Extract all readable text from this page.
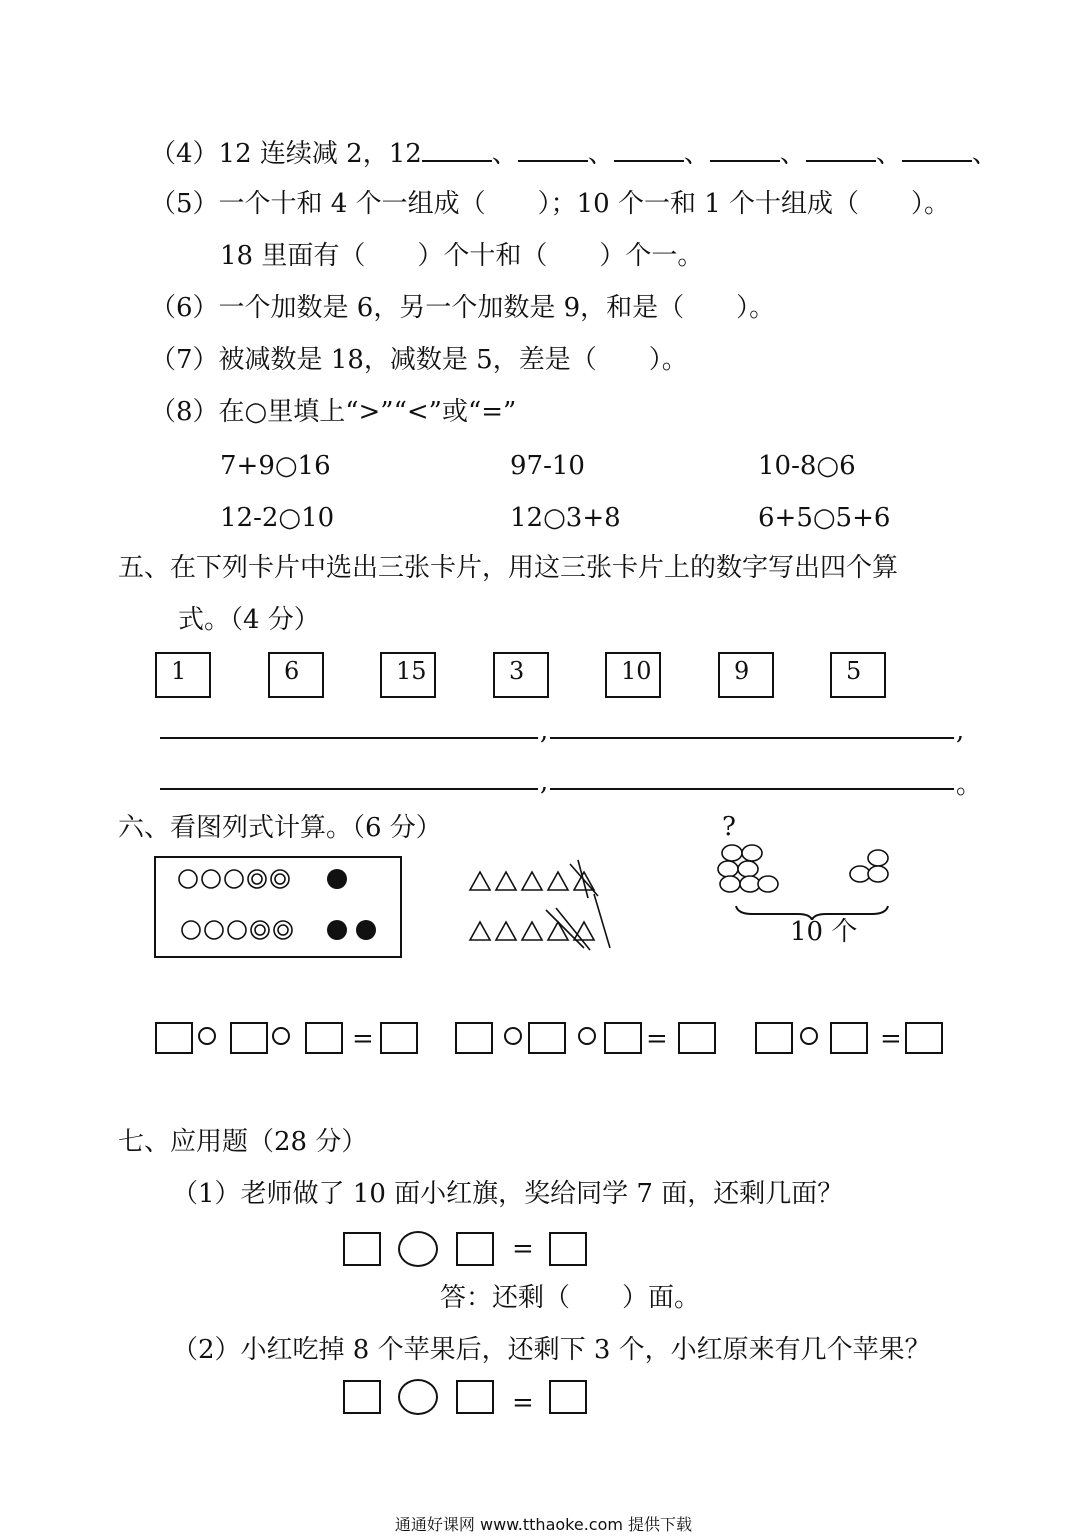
（4）12 连续减 2，12	、	、	、	、	、	、
（5）一个十和 4 个一组成（　　）；10 个一和 1 个十组成（　　）。
18 里面有（　　）个十和（　　）个一。
（6）一个加数是 6，另一个加数是 9，和是（　　）。
（7）被减数是 18，减数是 5，差是（　　）。
（8）在○里填上“>”“<”或“=”
7+9○16	97-10	10-8○6
12-2○10	12○3+8	6+5○5+6
五、在下列卡片中选出三张卡片，用这三张卡片上的数字写出四个算
式。（4 分）
1	6	15	3	10	9	5
,	,
,	。
六、看图列式计算。（6 分）	?
10 个
=	=	=
七、应用题（28 分）
（1）老师做了 10 面小红旗，奖给同学 7 面，还剩几面？
=
答：还剩（　　）面。
（2）小红吃掉 8 个苹果后，还剩下 3 个，小红原来有几个苹果？
=
通通好课网 www.tthaoke.com 提供下载
